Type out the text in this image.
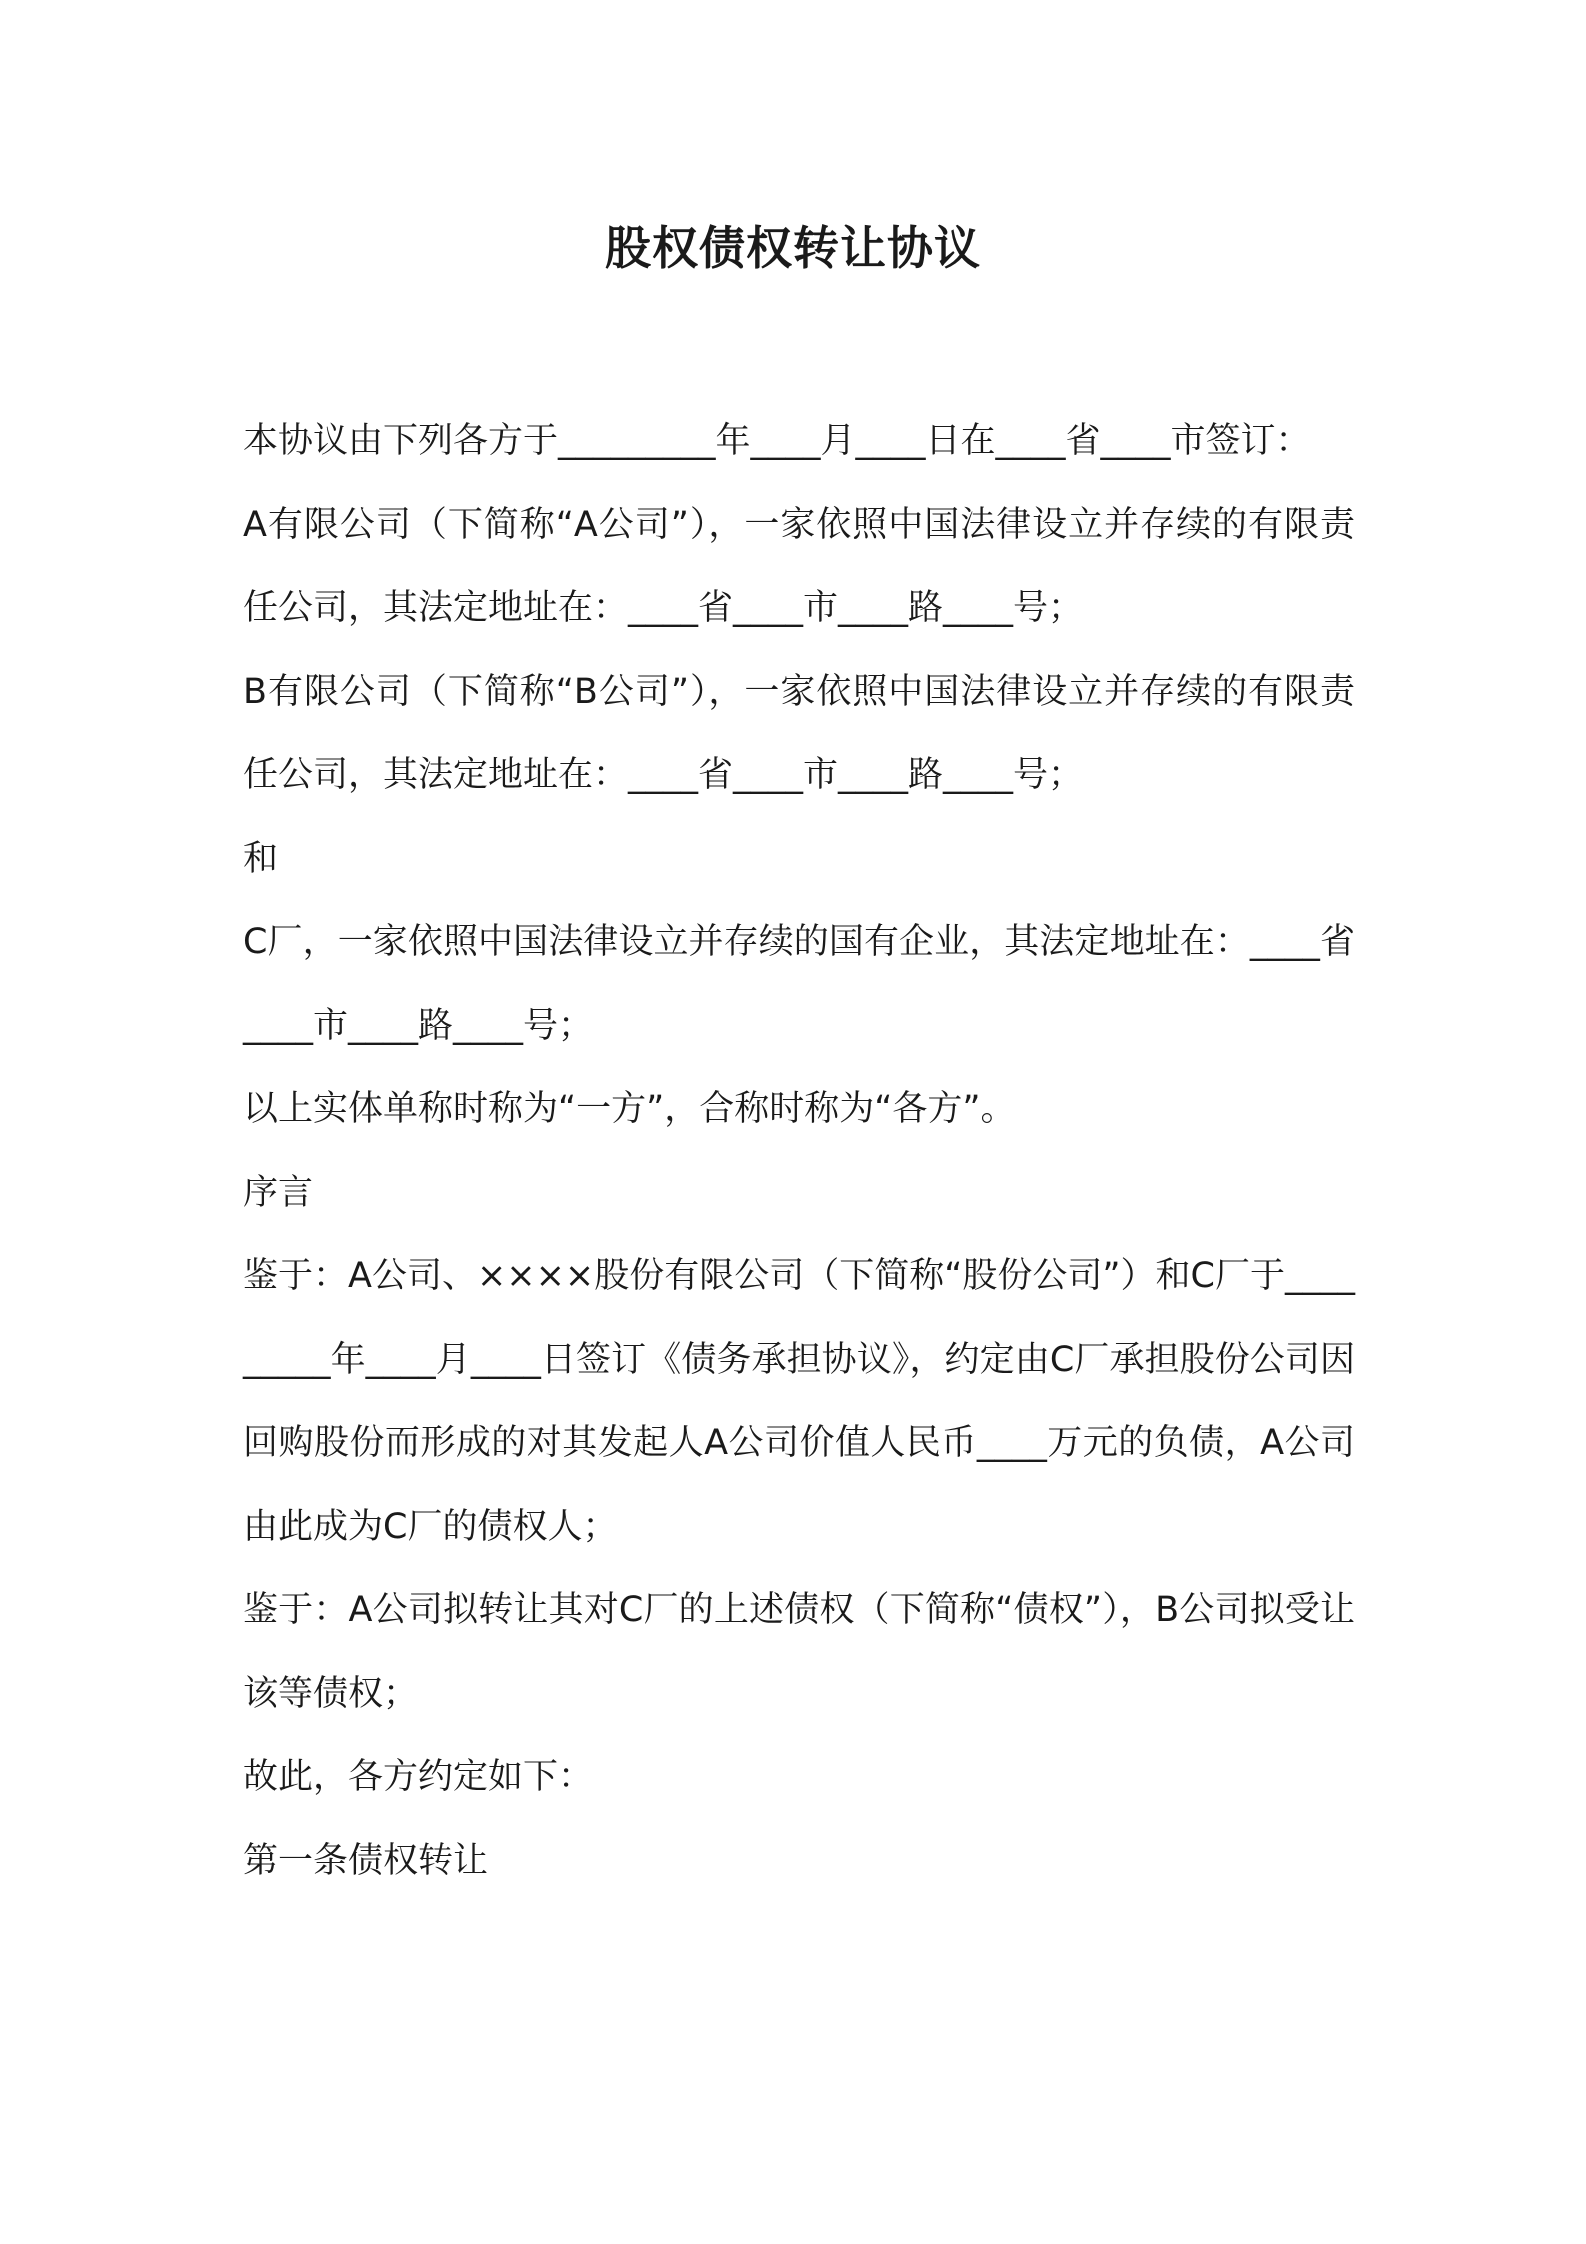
股权债权转让协议

本协议由下列各方于_________年____月____日在____省____市签订：

A有限公司（下简称“A公司”），一家依照中国法律设立并存续的有限责任公司，其法定地址在：____省____市____路____号；

B有限公司（下简称“B公司”），一家依照中国法律设立并存续的有限责任公司，其法定地址在：____省____市____路____号；

和

C厂，一家依照中国法律设立并存续的国有企业，其法定地址在：____省____市____路____号；

以上实体单称时称为“一方”，合称时称为“各方”。

序言

鉴于：A公司、××××股份有限公司（下简称“股份公司”）和C厂于_________年____月____日签订《债务承担协议》，约定由C厂承担股份公司因回购股份而形成的对其发起人A公司价值人民币____万元的负债，A公司由此成为C厂的债权人；

鉴于：A公司拟转让其对C厂的上述债权（下简称“债权”），B公司拟受让该等债权；

故此，各方约定如下：

第一条债权转让
